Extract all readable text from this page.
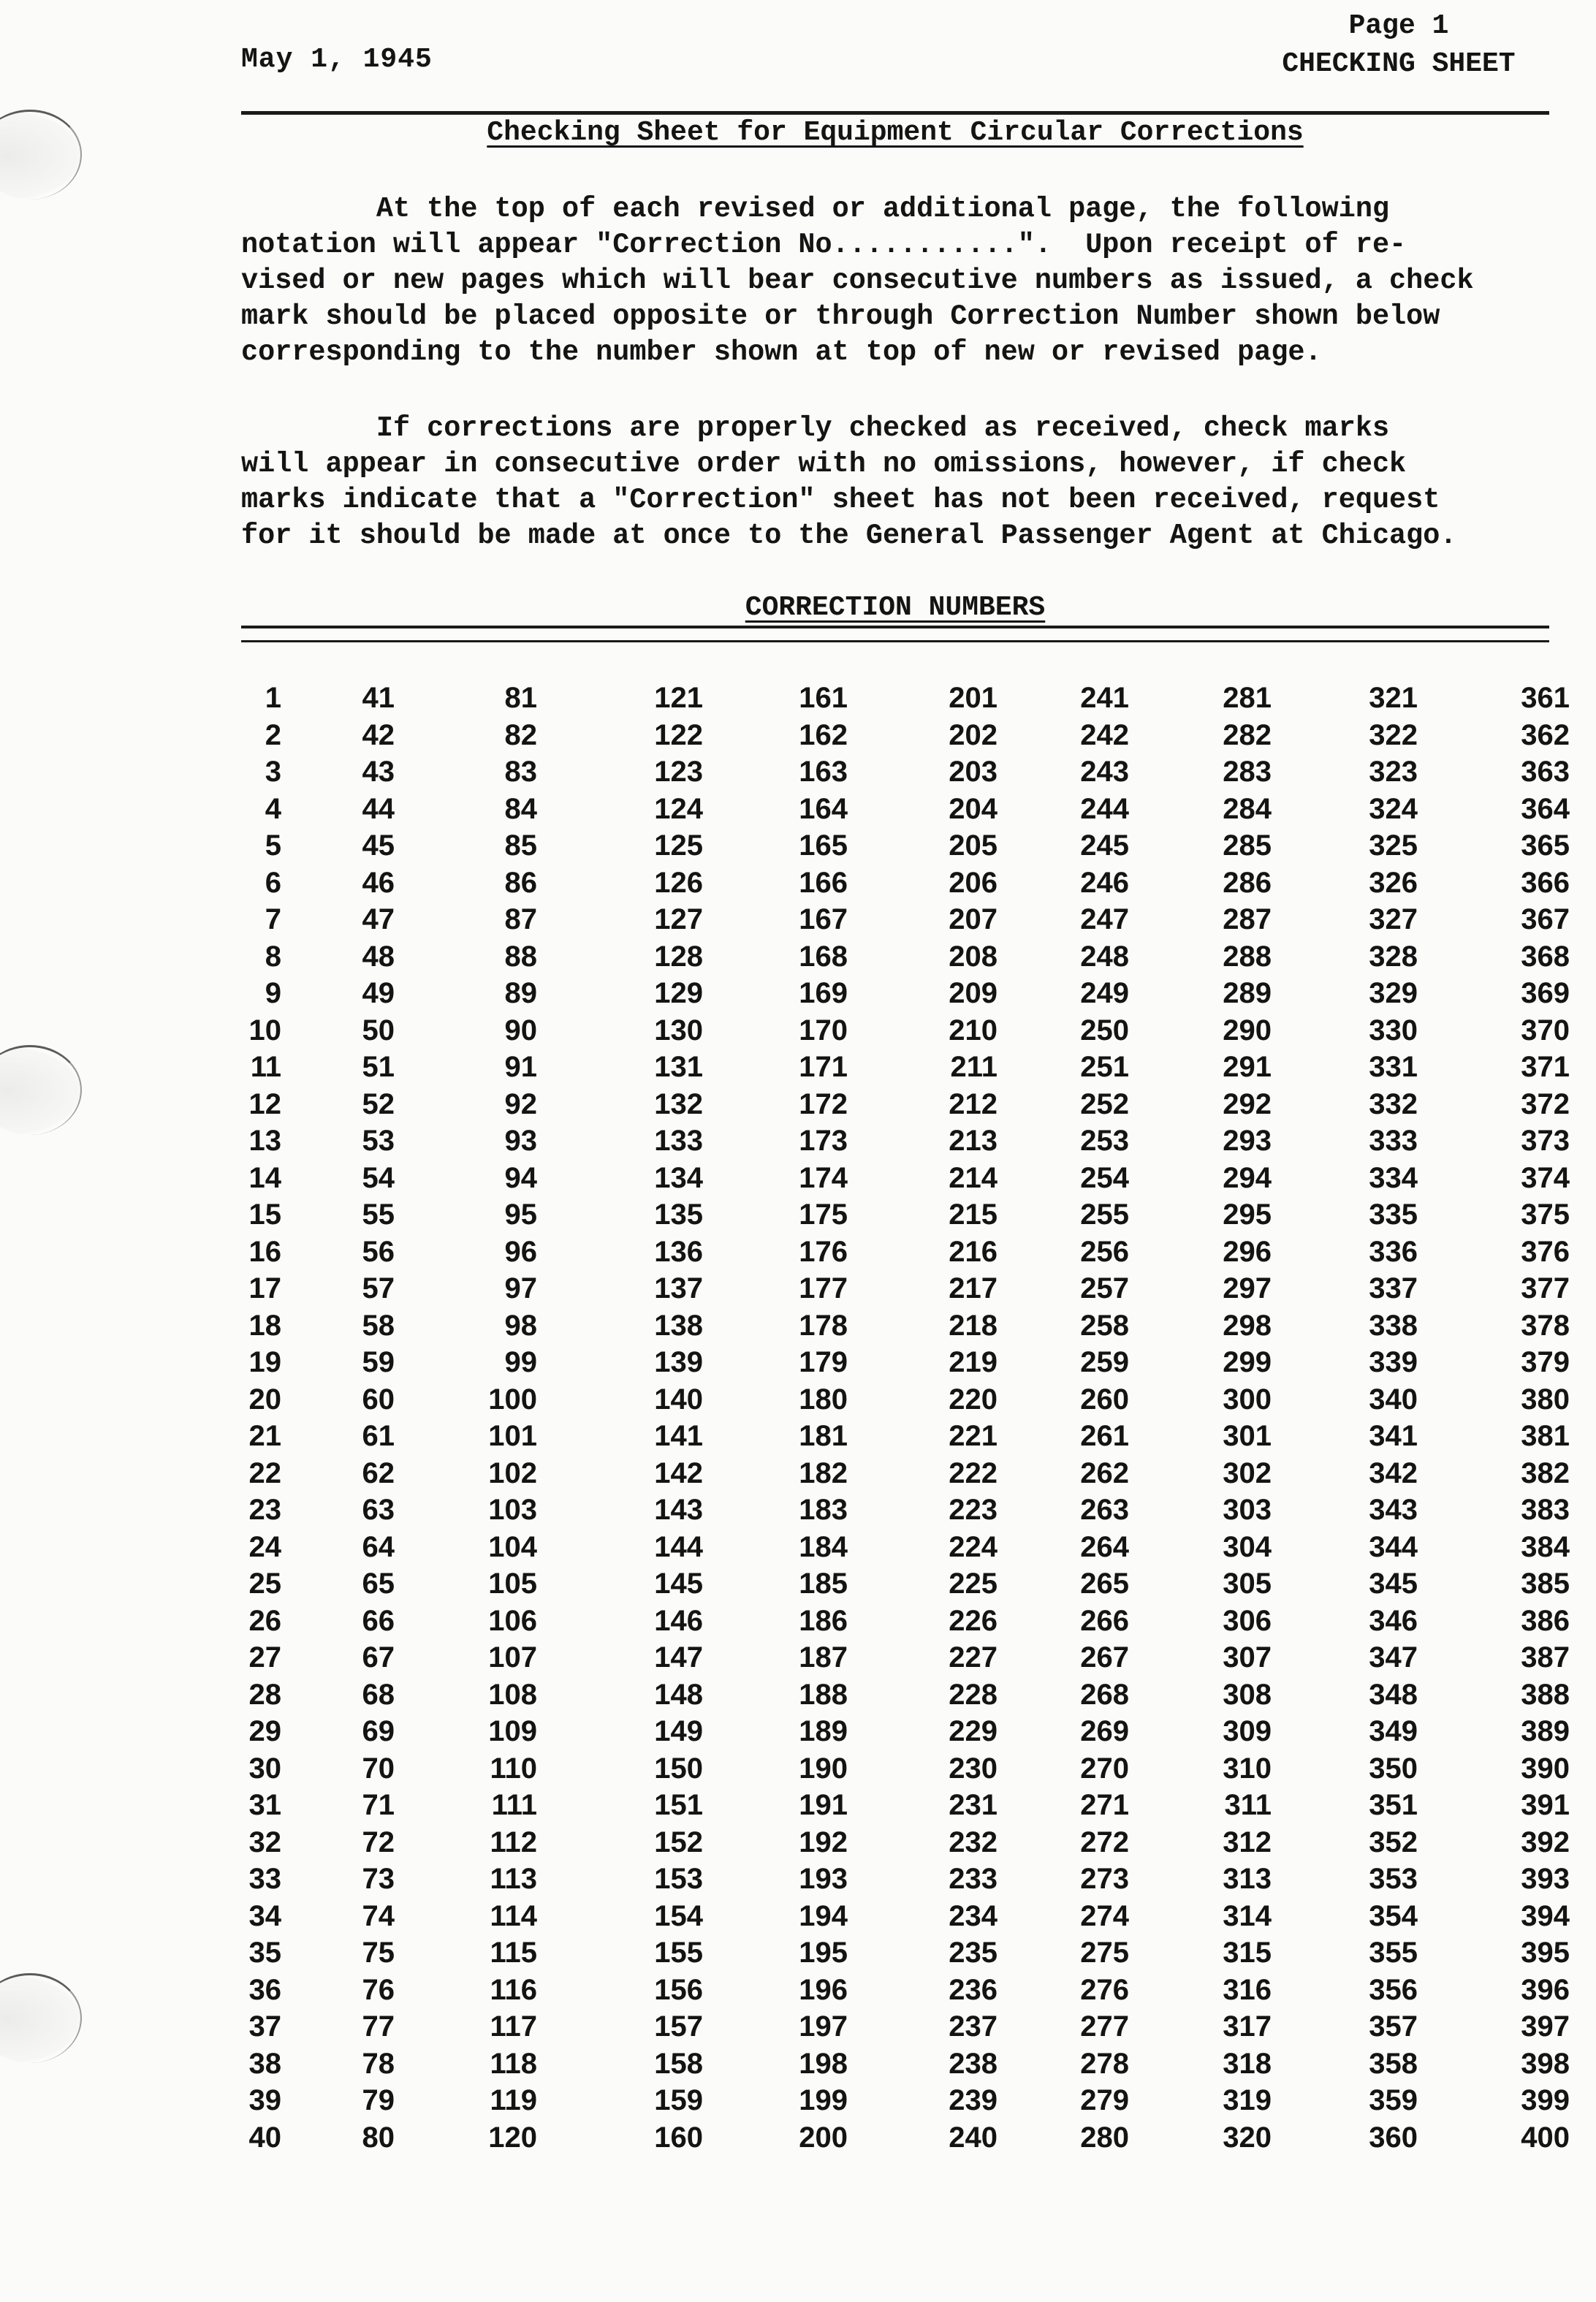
May 1, 1945
Page 1
CHECKING SHEET
Checking Sheet for Equipment Circular Corrections

At the top of each revised or additional page, the following
notation will appear "Correction No...........".  Upon receipt of re-
vised or new pages which will bear consecutive numbers as issued, a check
mark should be placed opposite or through Correction Number shown below
corresponding to the number shown at top of new or revised page.

If corrections are properly checked as received, check marks
will appear in consecutive order with no omissions, however, if check
marks indicate that a "Correction" sheet has not been received, request
for it should be made at once to the General Passenger Agent at Chicago.

CORRECTION NUMBERS
1
2
3
4
5
6
7
8
9
10
11
12
13
14
15
16
17
18
19
20
21
22
23
24
25
26
27
28
29
30
31
32
33
34
35
36
37
38
39
40
41
42
43
44
45
46
47
48
49
50
51
52
53
54
55
56
57
58
59
60
61
62
63
64
65
66
67
68
69
70
71
72
73
74
75
76
77
78
79
80
81
82
83
84
85
86
87
88
89
90
91
92
93
94
95
96
97
98
99
100
101
102
103
104
105
106
107
108
109
110
111
112
113
114
115
116
117
118
119
120
121
122
123
124
125
126
127
128
129
130
131
132
133
134
135
136
137
138
139
140
141
142
143
144
145
146
147
148
149
150
151
152
153
154
155
156
157
158
159
160
161
162
163
164
165
166
167
168
169
170
171
172
173
174
175
176
177
178
179
180
181
182
183
184
185
186
187
188
189
190
191
192
193
194
195
196
197
198
199
200
201
202
203
204
205
206
207
208
209
210
211
212
213
214
215
216
217
218
219
220
221
222
223
224
225
226
227
228
229
230
231
232
233
234
235
236
237
238
239
240
241
242
243
244
245
246
247
248
249
250
251
252
253
254
255
256
257
258
259
260
261
262
263
264
265
266
267
268
269
270
271
272
273
274
275
276
277
278
279
280
281
282
283
284
285
286
287
288
289
290
291
292
293
294
295
296
297
298
299
300
301
302
303
304
305
306
307
308
309
310
311
312
313
314
315
316
317
318
319
320
321
322
323
324
325
326
327
328
329
330
331
332
333
334
335
336
337
338
339
340
341
342
343
344
345
346
347
348
349
350
351
352
353
354
355
356
357
358
359
360
361
362
363
364
365
366
367
368
369
370
371
372
373
374
375
376
377
378
379
380
381
382
383
384
385
386
387
388
389
390
391
392
393
394
395
396
397
398
399
400
